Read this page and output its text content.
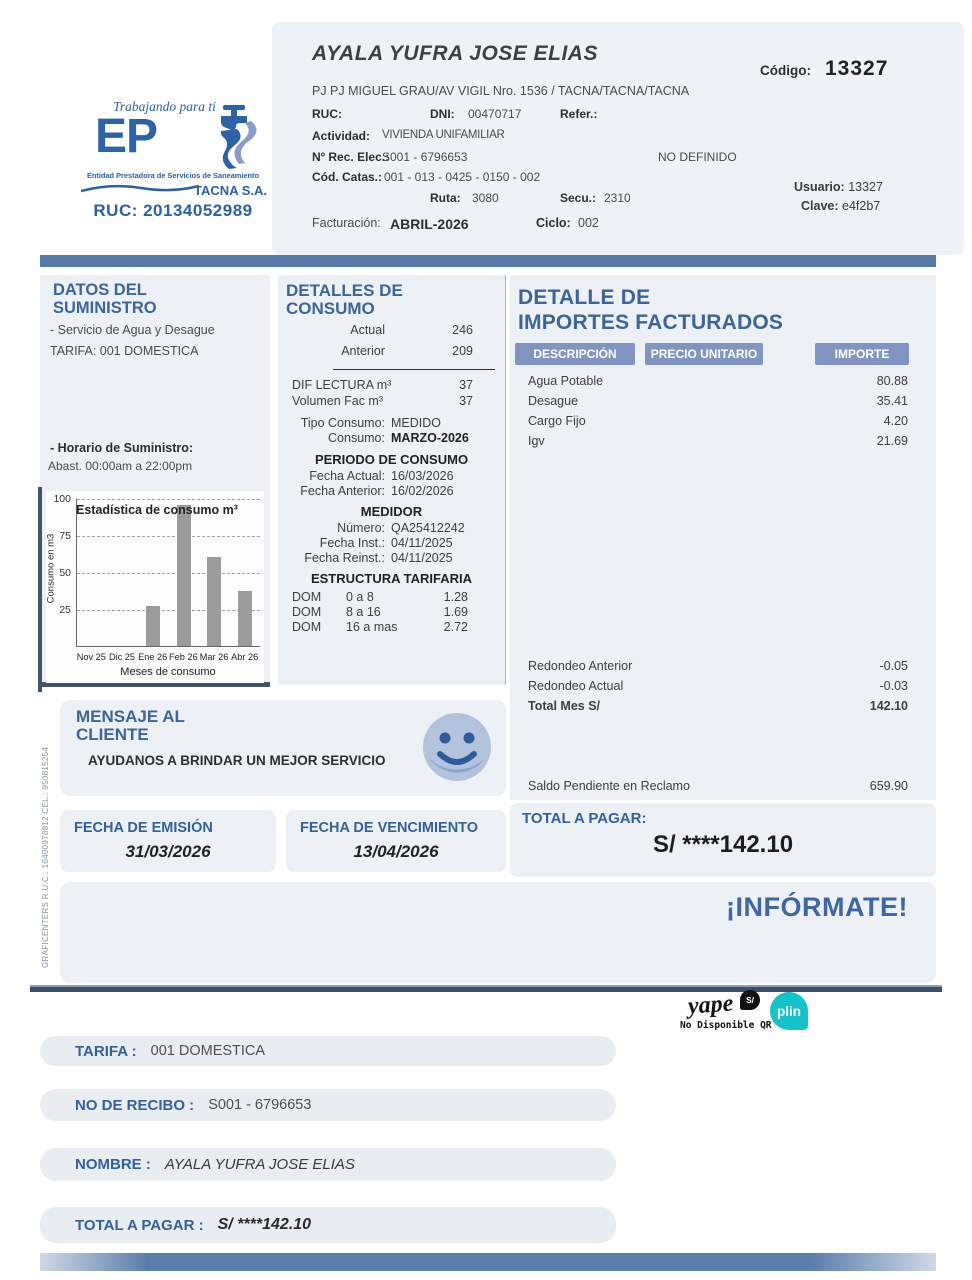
AYALA YUFRA JOSE ELIAS
Código: 13327
PJ PJ MIGUEL GRAU/AV VIGIL Nro. 1536 / TACNA/TACNA/TACNA
RUC:	DNI: 00470717	Refer.:
Actividad: VIVIENDA UNIFAMILIAR
Nº Rec. Elec.:
S001 - 6796653	NO DEFINIDO
Cód. Catas.: 001 - 013 - 0425 - 0150 - 002
Ruta: 3080	Secu.: 2310
Usuario: 13327
Clave: e4f2b7
Facturación: ABRIL-2026	Ciclo: 002
Trabajando para ti
EP
Entidad Prestadora de Servicios de Saneamiento
TACNA S.A.
RUC: 20134052989
DATOS DEL
SUMINISTRO
- Servicio de Agua y Desague
TARIFA: 001 DOMESTICA
- Horario de Suministro:
Abast. 00:00am a 22:00pm
Consumo en m3
Estadística de consumo m³
100
75
50
25
Nov 25 Dic 25 Ene 26 Feb 26 Mar 26 Abr 26
Meses de consumo
DETALLES DE
CONSUMO
Actual	246
Anterior	209
DIF LECTURA m³	37
Volumen Fac m³	37
Tipo Consumo: MEDIDO
Consumo: MARZO-2026
PERIODO DE CONSUMO
Fecha Actual: 16/03/2026
Fecha Anterior: 16/02/2026
MEDIDOR
Número: QA25412242
Fecha Inst.: 04/11/2025
Fecha Reinst.: 04/11/2025
ESTRUCTURA TARIFARIA
DOM 0 a 8	1.28
DOM 8 a 16	1.69
DOM 16 a mas	2.72
DETALLE DE
IMPORTES FACTURADOS
DESCRIPCIÓN	PRECIO UNITARIO	IMPORTE
Agua Potable	80.88
Desague	35.41
Cargo Fijo	4.20
Igv	21.69
Redondeo Anterior	-0.05
Redondeo Actual	-0.03
Total Mes S/	142.10
Saldo Pendiente en Reclamo	659.90
MENSAJE AL
CLIENTE
AYUDANOS A BRINDAR UN MEJOR SERVICIO
FECHA DE EMISIÓN
31/03/2026
FECHA DE VENCIMIENTO
13/04/2026
TOTAL A PAGAR:
S/ ****142.10
¡INFÓRMATE!
yape	S/
plin
No Disponible QR
TARIFA : 001 DOMESTICA
NO DE RECIBO : S001 - 6796653
NOMBRE : AYALA YUFRA JOSE ELIAS
TOTAL A PAGAR : S/ ****142.10
GRAFICENTERS R.U.C.: 10400978812 CEL.: 950815254
